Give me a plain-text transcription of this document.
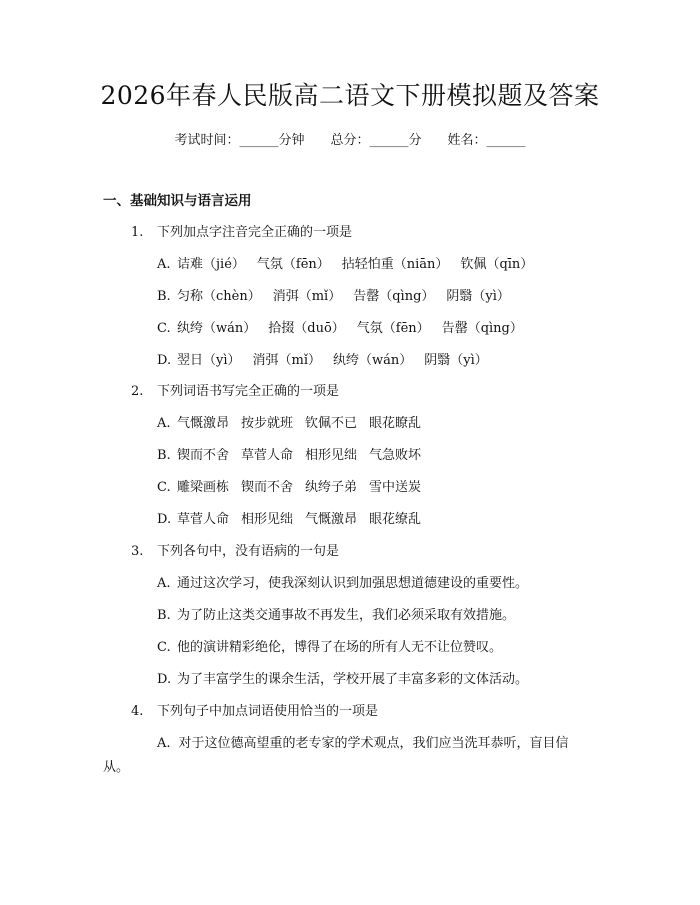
2026年春人民版高二语文下册模拟题及答案
考试时间：______分钟 总分：______分 姓名：______
一、基础知识与语言运用
1. 下列加点字注音完全正确的一项是
A. 诘难（jié） 气氛（fēn） 拈轻怕重（niān） 钦佩（qīn）
B. 匀称（chèn） 消弭（mǐ） 告罄（qìng） 阴翳（yì）
C. 纨绔（wán） 拾掇（duō） 气氛（fēn） 告罄（qìng）
D. 翌日（yì） 消弭（mǐ） 纨绔（wán） 阴翳（yì）
2. 下列词语书写完全正确的一项是
A. 气慨激昂 按步就班 钦佩不已 眼花瞭乱
B. 锲而不舍 草菅人命 相形见绌 气急败坏
C. 雕梁画栋 锲而不舍 纨绔子弟 雪中送炭
D. 草菅人命 相形见绌 气慨激昂 眼花缭乱
3. 下列各句中，没有语病的一句是
A. 通过这次学习，使我深刻认识到加强思想道德建设的重要性。
B. 为了防止这类交通事故不再发生，我们必须采取有效措施。
C. 他的演讲精彩绝伦，博得了在场的所有人无不让位赞叹。
D. 为了丰富学生的课余生活，学校开展了丰富多彩的文体活动。
4. 下列句子中加点词语使用恰当的一项是
A. 对于这位德高望重的老专家的学术观点，我们应当洗耳恭听，盲目信从。
